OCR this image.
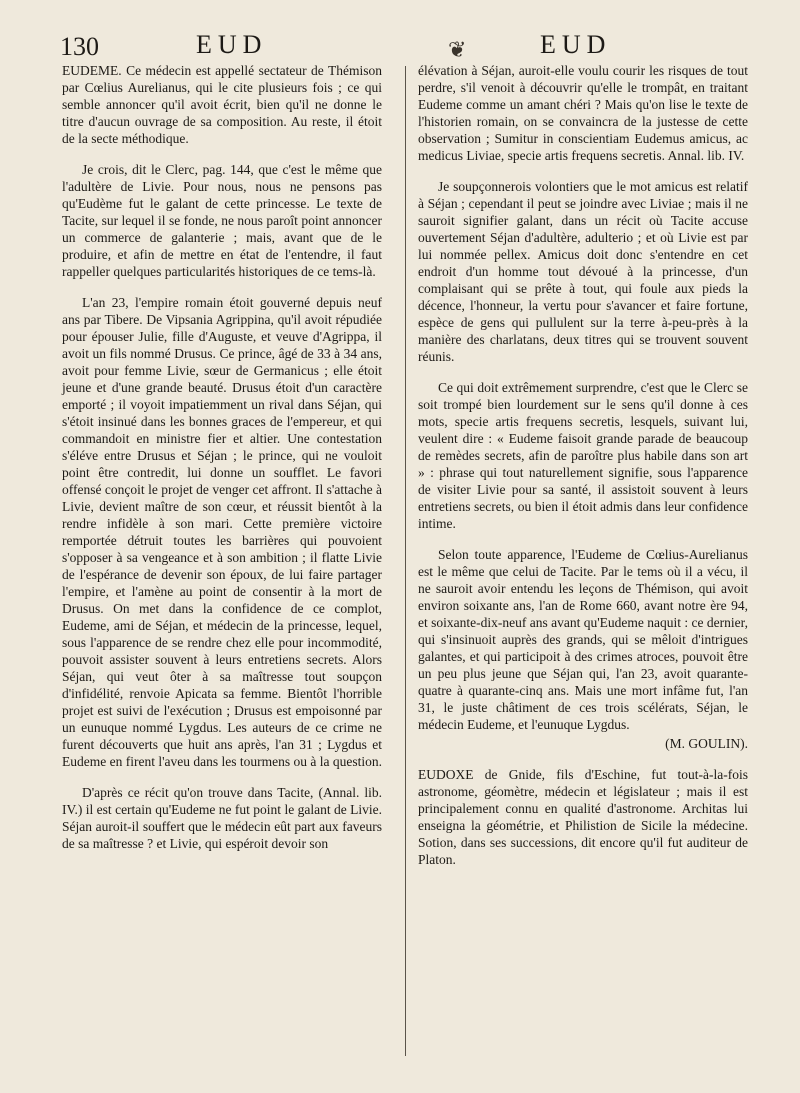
130	EUD	❦	EUD

EUDEME. Ce médecin est appellé sectateur de Thémison par Cœlius Aurelianus, qui le cite plusieurs fois ; ce qui semble annoncer qu'il avoit écrit, bien qu'il ne donne le titre d'aucun ouvrage de sa composition. Au reste, il étoit de la secte méthodique.

Je crois, dit le Clerc, pag. 144, que c'est le même que l'adultère de Livie. Pour nous, nous ne pensons pas qu'Eudème fut le galant de cette princesse. Le texte de Tacite, sur lequel il se fonde, ne nous paroît point annoncer un commerce de galanterie ; mais, avant que de le produire, et afin de mettre en état de l'entendre, il faut rappeller quelques particularités historiques de ce tems-là.

L'an 23, l'empire romain étoit gouverné depuis neuf ans par Tibere. De Vipsania Agrippina, qu'il avoit répudiée pour épouser Julie, fille d'Auguste, et veuve d'Agrippa, il avoit un fils nommé Drusus. Ce prince, âgé de 33 à 34 ans, avoit pour femme Livie, sœur de Germanicus ; elle étoit jeune et d'une grande beauté. Drusus étoit d'un caractère emporté ; il voyoit impatiemment un rival dans Séjan, qui s'étoit insinué dans les bonnes graces de l'empereur, et qui commandoit en ministre fier et altier. Une contestation s'éléve entre Drusus et Séjan ; le prince, qui ne vouloit point être contredit, lui donne un soufflet. Le favori offensé conçoit le projet de venger cet affront. Il s'attache à Livie, devient maître de son cœur, et réussit bientôt à la rendre infidèle à son mari. Cette première victoire remportée détruit toutes les barrières qui pouvoient s'opposer à sa vengeance et à son ambition ; il flatte Livie de l'espérance de devenir son époux, de lui faire partager l'empire, et l'amène au point de consentir à la mort de Drusus. On met dans la confidence de ce complot, Eudeme, ami de Séjan, et médecin de la princesse, lequel, sous l'apparence de se rendre chez elle pour incommodité, pouvoit assister souvent à leurs entretiens secrets. Alors Séjan, qui veut ôter à sa maîtresse tout soupçon d'infidélité, renvoie Apicata sa femme. Bientôt l'horrible projet est suivi de l'exécution ; Drusus est empoisonné par un eunuque nommé Lygdus. Les auteurs de ce crime ne furent découverts que huit ans après, l'an 31 ; Lygdus et Eudeme en firent l'aveu dans les tourmens ou à la question.

D'après ce récit qu'on trouve dans Tacite, (Annal. lib. IV.) il est certain qu'Eudeme ne fut point le galant de Livie. Séjan auroit-il souffert que le médecin eût part aux faveurs de sa maîtresse ? et Livie, qui espéroit devoir son

élévation à Séjan, auroit-elle voulu courir les risques de tout perdre, s'il venoit à découvrir qu'elle le trompât, en traitant Eudeme comme un amant chéri ? Mais qu'on lise le texte de l'historien romain, on se convaincra de la justesse de cette observation ; Sumitur in conscientiam Eudemus amicus, ac medicus Liviae, specie artis frequens secretis. Annal. lib. IV.

Je soupçonnerois volontiers que le mot amicus est relatif à Séjan ; cependant il peut se joindre avec Liviae ; mais il ne sauroit signifier galant, dans un récit où Tacite accuse ouvertement Séjan d'adultère, adulterio ; et où Livie est par lui nommée pellex. Amicus doit donc s'entendre en cet endroit d'un homme tout dévoué à la princesse, d'un complaisant qui se prête à tout, qui foule aux pieds la décence, l'honneur, la vertu pour s'avancer et faire fortune, espèce de gens qui pullulent sur la terre à-peu-près à la manière des charlatans, deux titres qui se trouvent souvent réunis.

Ce qui doit extrêmement surprendre, c'est que le Clerc se soit trompé bien lourdement sur le sens qu'il donne à ces mots, specie artis frequens secretis, lesquels, suivant lui, veulent dire : « Eudeme faisoit grande parade de beaucoup de remèdes secrets, afin de paroître plus habile dans son art » : phrase qui tout naturellement signifie, sous l'apparence de visiter Livie pour sa santé, il assistoit souvent à leurs entretiens secrets, ou bien il étoit admis dans leur confidence intime.

Selon toute apparence, l'Eudeme de Cœlius-Aurelianus est le même que celui de Tacite. Par le tems où il a vécu, il ne sauroit avoir entendu les leçons de Thémison, qui avoit environ soixante ans, l'an de Rome 660, avant notre ère 94, et soixante-dix-neuf ans avant qu'Eudeme naquit : ce dernier, qui s'insinuoit auprès des grands, qui se mêloit d'intrigues galantes, et qui participoit à des crimes atroces, pouvoit être un peu plus jeune que Séjan qui, l'an 23, avoit quarante-quatre à quarante-cinq ans. Mais une mort infâme fut, l'an 31, le juste châtiment de ces trois scélérats, Séjan, le médecin Eudeme, et l'eunuque Lygdus.

(M. GOULIN).

EUDOXE de Gnide, fils d'Eschine, fut tout-à-la-fois astronome, géomètre, médecin et législateur ; mais il est principalement connu en qualité d'astronome. Architas lui enseigna la géométrie, et Philistion de Sicile la médecine. Sotion, dans ses successions, dit encore qu'il fut auditeur de Platon.
